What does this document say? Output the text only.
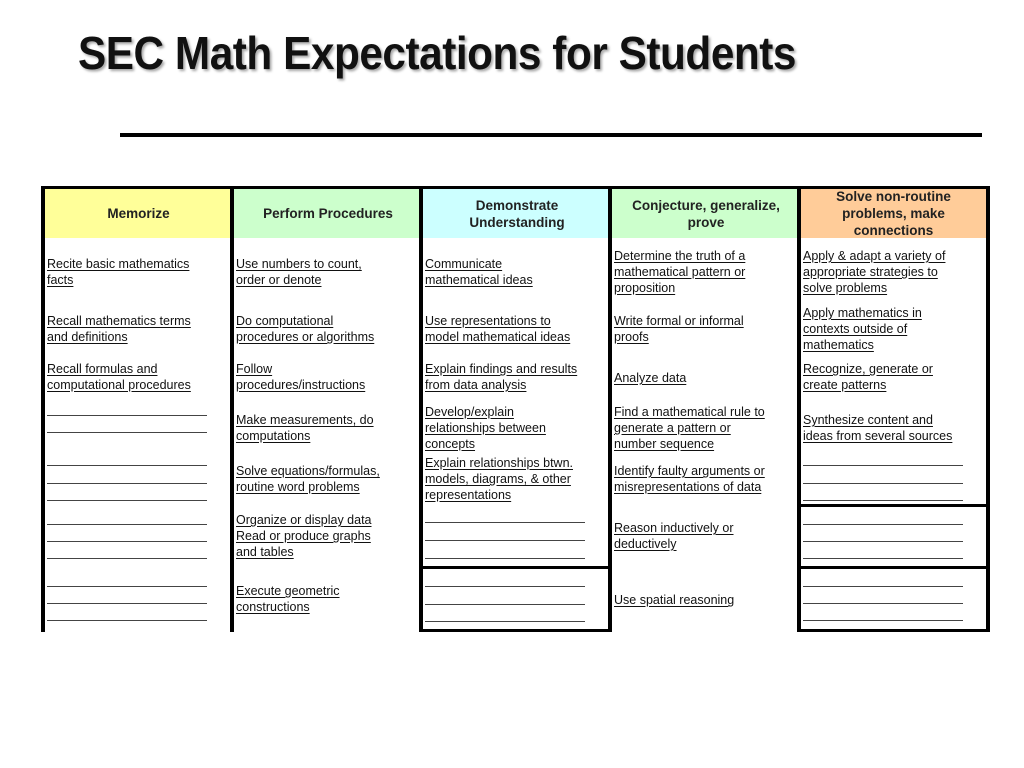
SEC Math Expectations for Students
Memorize
Recite basic mathematics
facts
Recall mathematics terms
and definitions
Recall formulas and
computational procedures
Perform Procedures
Use numbers to count,
order or denote
Do computational
procedures or algorithms
Follow
procedures/instructions
Make measurements, do
computations
Solve equations/formulas,
routine word problems
Organize or display data
Read or produce graphs
and tables
Execute geometric
constructions
Demonstrate Understanding
Communicate
mathematical ideas
Use representations to
model mathematical ideas
Explain findings and results
from data analysis
Develop/explain
relationships between
concepts
Explain relationships btwn.
models, diagrams, & other
representations
Conjecture, generalize, prove
Determine the truth of a
mathematical pattern or
proposition
Write formal or informal
proofs
Analyze data
Find a mathematical rule to
generate a pattern or
number sequence
Identify faulty arguments or
misrepresentations of data
Reason inductively or
deductively
Use spatial reasoning
Solve non-routine problems, make connections
Apply & adapt a variety of
appropriate strategies to
solve problems
Apply mathematics in
contexts outside of
mathematics
Recognize, generate or
create patterns
Synthesize content and
ideas from several sources
